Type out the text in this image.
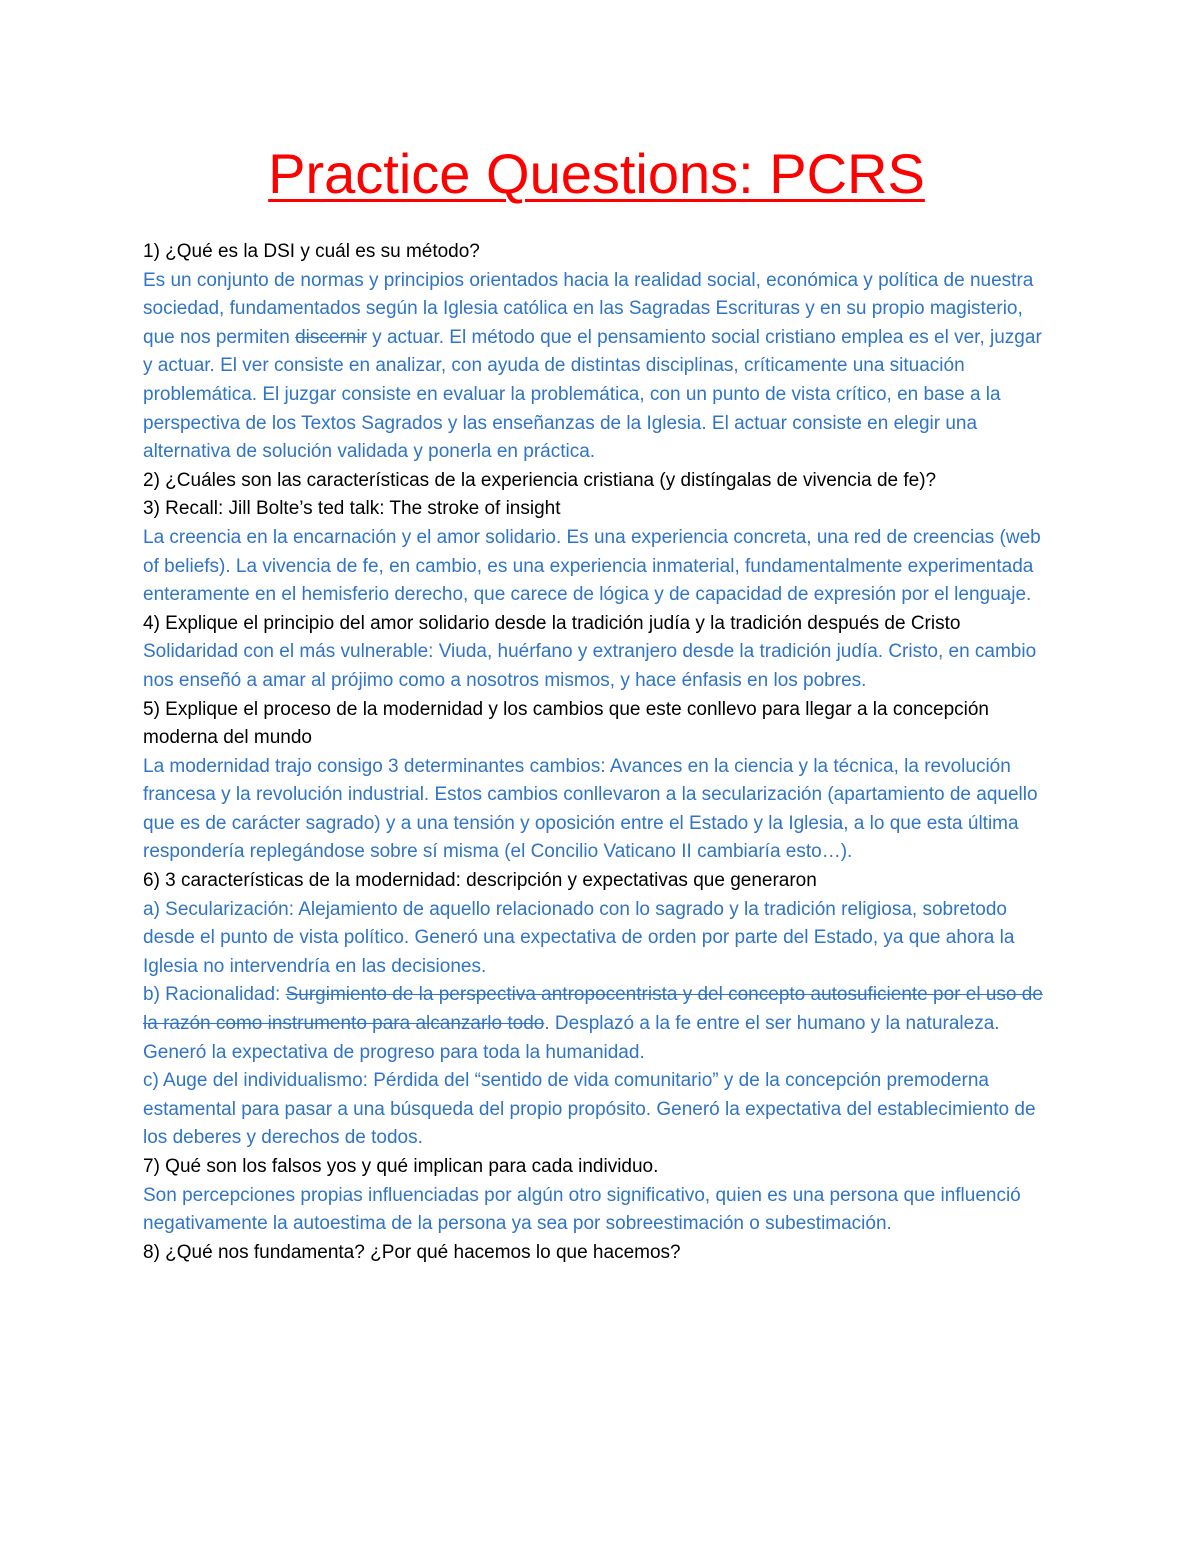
Practice Questions: PCRS

1) ¿Qué es la DSI y cuál es su método?

Es un conjunto de normas y principios orientados hacia la realidad social, económica y política de nuestra sociedad, fundamentados según la Iglesia católica en las Sagradas Escrituras y en su propio magisterio, que nos permiten discernir y actuar. El método que el pensamiento social cristiano emplea es el ver, juzgar y actuar. El ver consiste en analizar, con ayuda de distintas disciplinas, críticamente una situación problemática. El juzgar consiste en evaluar la problemática, con un punto de vista crítico, en base a la perspectiva de los Textos Sagrados y las enseñanzas de la Iglesia. El actuar consiste en elegir una alternativa de solución validada y ponerla en práctica.

2) ¿Cuáles son las características de la experiencia cristiana (y distíngalas de vivencia de fe)?

3) Recall: Jill Bolte’s ted talk: The stroke of insight

La creencia en la encarnación y el amor solidario. Es una experiencia concreta, una red de creencias (web of beliefs). La vivencia de fe, en cambio, es una experiencia inmaterial, fundamentalmente experimentada enteramente en el hemisferio derecho, que carece de lógica y de capacidad de expresión por el lenguaje.

4) Explique el principio del amor solidario desde la tradición judía y la tradición después de Cristo

Solidaridad con el más vulnerable: Viuda, huérfano y extranjero desde la tradición judía. Cristo, en cambio nos enseñó a amar al prójimo como a nosotros mismos, y hace énfasis en los pobres.

5) Explique el proceso de la modernidad y los cambios que este conllevo para llegar a la concepción moderna del mundo

La modernidad trajo consigo 3 determinantes cambios: Avances en la ciencia y la técnica, la revolución francesa y la revolución industrial. Estos cambios conllevaron a la secularización (apartamiento de aquello que es de carácter sagrado) y a una tensión y oposición entre el Estado y la Iglesia, a lo que esta última respondería replegándose sobre sí misma (el Concilio Vaticano II cambiaría esto…).

6) 3 características de la modernidad: descripción y expectativas que generaron

a) Secularización: Alejamiento de aquello relacionado con lo sagrado y la tradición religiosa, sobretodo desde el punto de vista político. Generó una expectativa de orden por parte del Estado, ya que ahora la Iglesia no intervendría en las decisiones.

b) Racionalidad: Surgimiento de la perspectiva antropocentrista y del concepto autosuficiente por el uso de la razón como instrumento para alcanzarlo todo. Desplazó a la fe entre el ser humano y la naturaleza. Generó la expectativa de progreso para toda la humanidad.

c) Auge del individualismo: Pérdida del “sentido de vida comunitario” y de la concepción premoderna estamental para pasar a una búsqueda del propio propósito. Generó la expectativa del establecimiento de los deberes y derechos de todos.

7) Qué son los falsos yos y qué implican para cada individuo.

Son percepciones propias influenciadas por algún otro significativo, quien es una persona que influenció negativamente la autoestima de la persona ya sea por sobreestimación o subestimación.

8) ¿Qué nos fundamenta? ¿Por qué hacemos lo que hacemos?
